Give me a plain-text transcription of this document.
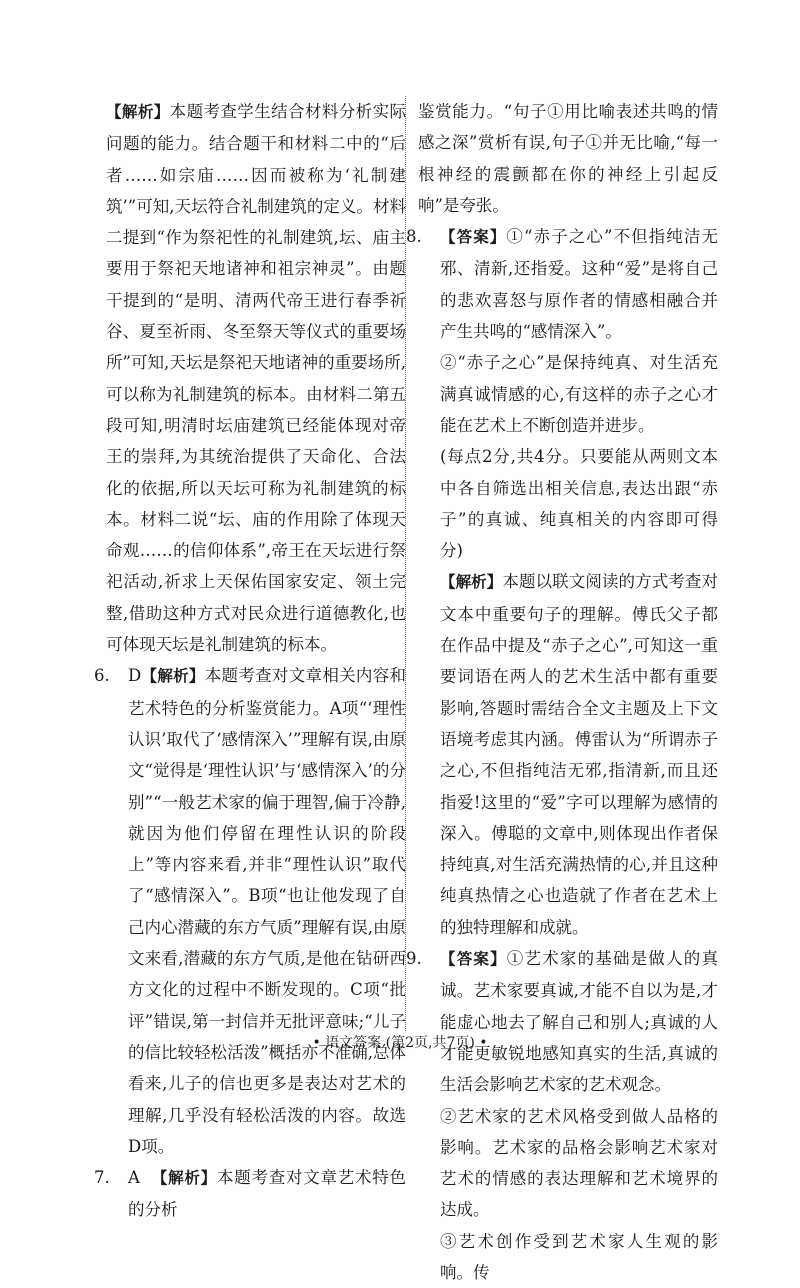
【解析】本题考查学生结合材料分析实际问题的能力。结合题干和材料二中的“后者……如宗庙……因而被称为‘礼制建筑’”可知,天坛符合礼制建筑的定义。材料二提到“作为祭祀性的礼制建筑,坛、庙主要用于祭祀天地诸神和祖宗神灵”。由题干提到的“是明、清两代帝王进行春季祈谷、夏至祈雨、冬至祭天等仪式的重要场所”可知,天坛是祭祀天地诸神的重要场所,可以称为礼制建筑的标本。由材料二第五段可知,明清时坛庙建筑已经能体现对帝王的崇拜,为其统治提供了天命化、合法化的依据,所以天坛可称为礼制建筑的标本。材料二说“坛、庙的作用除了体现天命观……的信仰体系”,帝王在天坛进行祭祀活动,祈求上天保佑国家安定、领土完整,借助这种方式对民众进行道德教化,也可体现天坛是礼制建筑的标本。

6. D【解析】本题考查对文章相关内容和艺术特色的分析鉴赏能力。A项“‘理性认识’取代了‘感情深入’”理解有误,由原文“觉得是‘理性认识’与‘感情深入’的分别”“一般艺术家的偏于理智,偏于冷静,就因为他们停留在理性认识的阶段上”等内容来看,并非“理性认识”取代了“感情深入”。B项“也让他发现了自己内心潜藏的东方气质”理解有误,由原文来看,潜藏的东方气质,是他在钻研西方文化的过程中不断发现的。C项“批评”错误,第一封信并无批评意味;“儿子的信比较轻松活泼”概括亦不准确,总体看来,儿子的信也更多是表达对艺术的理解,几乎没有轻松活泼的内容。故选D项。

7. A 【解析】本题考查对文章艺术特色的分析

鉴赏能力。“句子①用比喻表述共鸣的情感之深”赏析有误,句子①并无比喻,“每一根神经的震颤都在你的神经上引起反响”是夸张。

8. 【答案】①“赤子之心”不但指纯洁无邪、清新,还指爱。这种“爱”是将自己的悲欢喜怒与原作者的情感相融合并产生共鸣的“感情深入”。

②“赤子之心”是保持纯真、对生活充满真诚情感的心,有这样的赤子之心才能在艺术上不断创造并进步。

(每点2分,共4分。只要能从两则文本中各自筛选出相关信息,表达出跟“赤子”的真诚、纯真相关的内容即可得分)

【解析】本题以联文阅读的方式考查对文本中重要句子的理解。傅氏父子都在作品中提及“赤子之心”,可知这一重要词语在两人的艺术生活中都有重要影响,答题时需结合全文主题及上下文语境考虑其内涵。傅雷认为“所谓赤子之心,不但指纯洁无邪,指清新,而且还指爱!这里的“爱”字可以理解为感情的深入。傅聪的文章中,则体现出作者保持纯真,对生活充满热情的心,并且这种纯真热情之心也造就了作者在艺术上的独特理解和成就。

9. 【答案】①艺术家的基础是做人的真诚。艺术家要真诚,才能不自以为是,才能虚心地去了解自己和别人;真诚的人才能更敏锐地感知真实的生活,真诚的生活会影响艺术家的艺术观念。

②艺术家的艺术风格受到做人品格的影响。艺术家的品格会影响艺术家对艺术的情感的表达理解和艺术境界的达成。

③艺术创作受到艺术家人生观的影响。传

• 语文答案 (第2页,共7页) •
